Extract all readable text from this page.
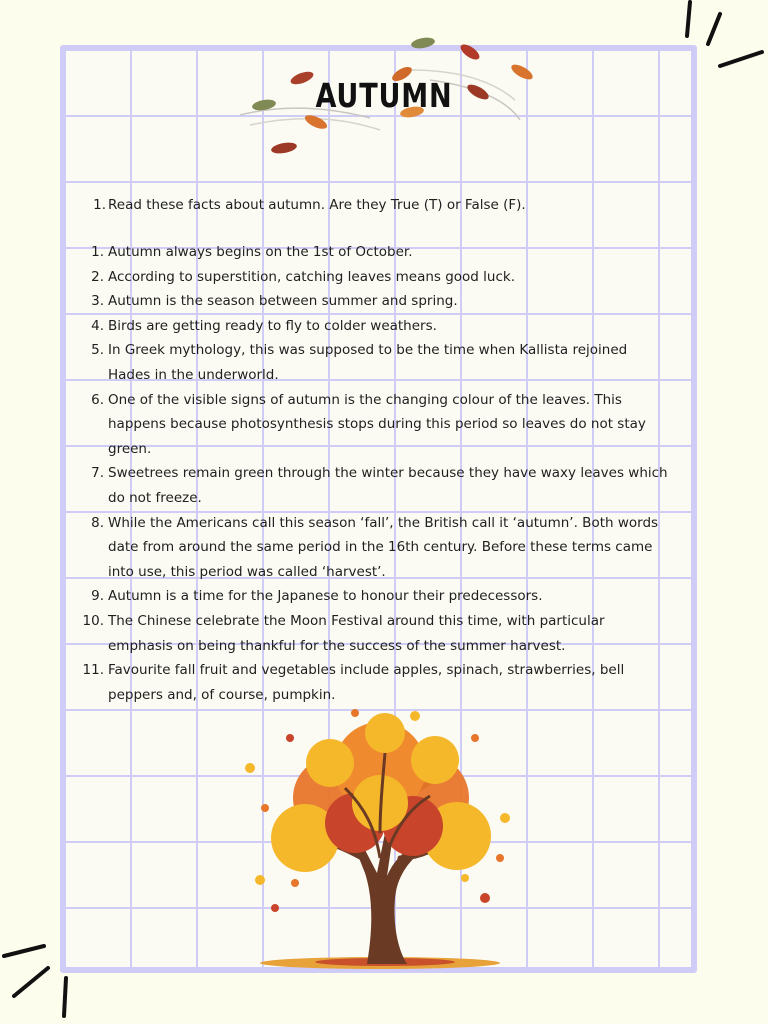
AUTUMN
1. Read these facts about autumn. Are they True (T) or False (F).
1. Autumn always begins on the 1st of October.
2. According to superstition, catching leaves means good luck.
3. Autumn is the season between summer and spring.
4. Birds are getting ready to fly to colder weathers.
5. In Greek mythology, this was supposed to be the time when Kallista rejoined Hades in the underworld.
6. One of the visible signs of autumn is the changing colour of the leaves. This happens because photosynthesis stops during this period so leaves do not stay green.
7. Sweetrees remain green through the winter because they have waxy leaves which do not freeze.
8. While the Americans call this season ‘fall’, the British call it ‘autumn’. Both words date from around the same period in the 16th century. Before these terms came into use, this period was called ‘harvest’.
9. Autumn is a time for the Japanese to honour their predecessors.
10. The Chinese celebrate the Moon Festival around this time, with particular emphasis on being thankful for the success of the summer harvest.
11. Favourite fall fruit and vegetables include apples, spinach, strawberries, bell peppers and, of course, pumpkin.
